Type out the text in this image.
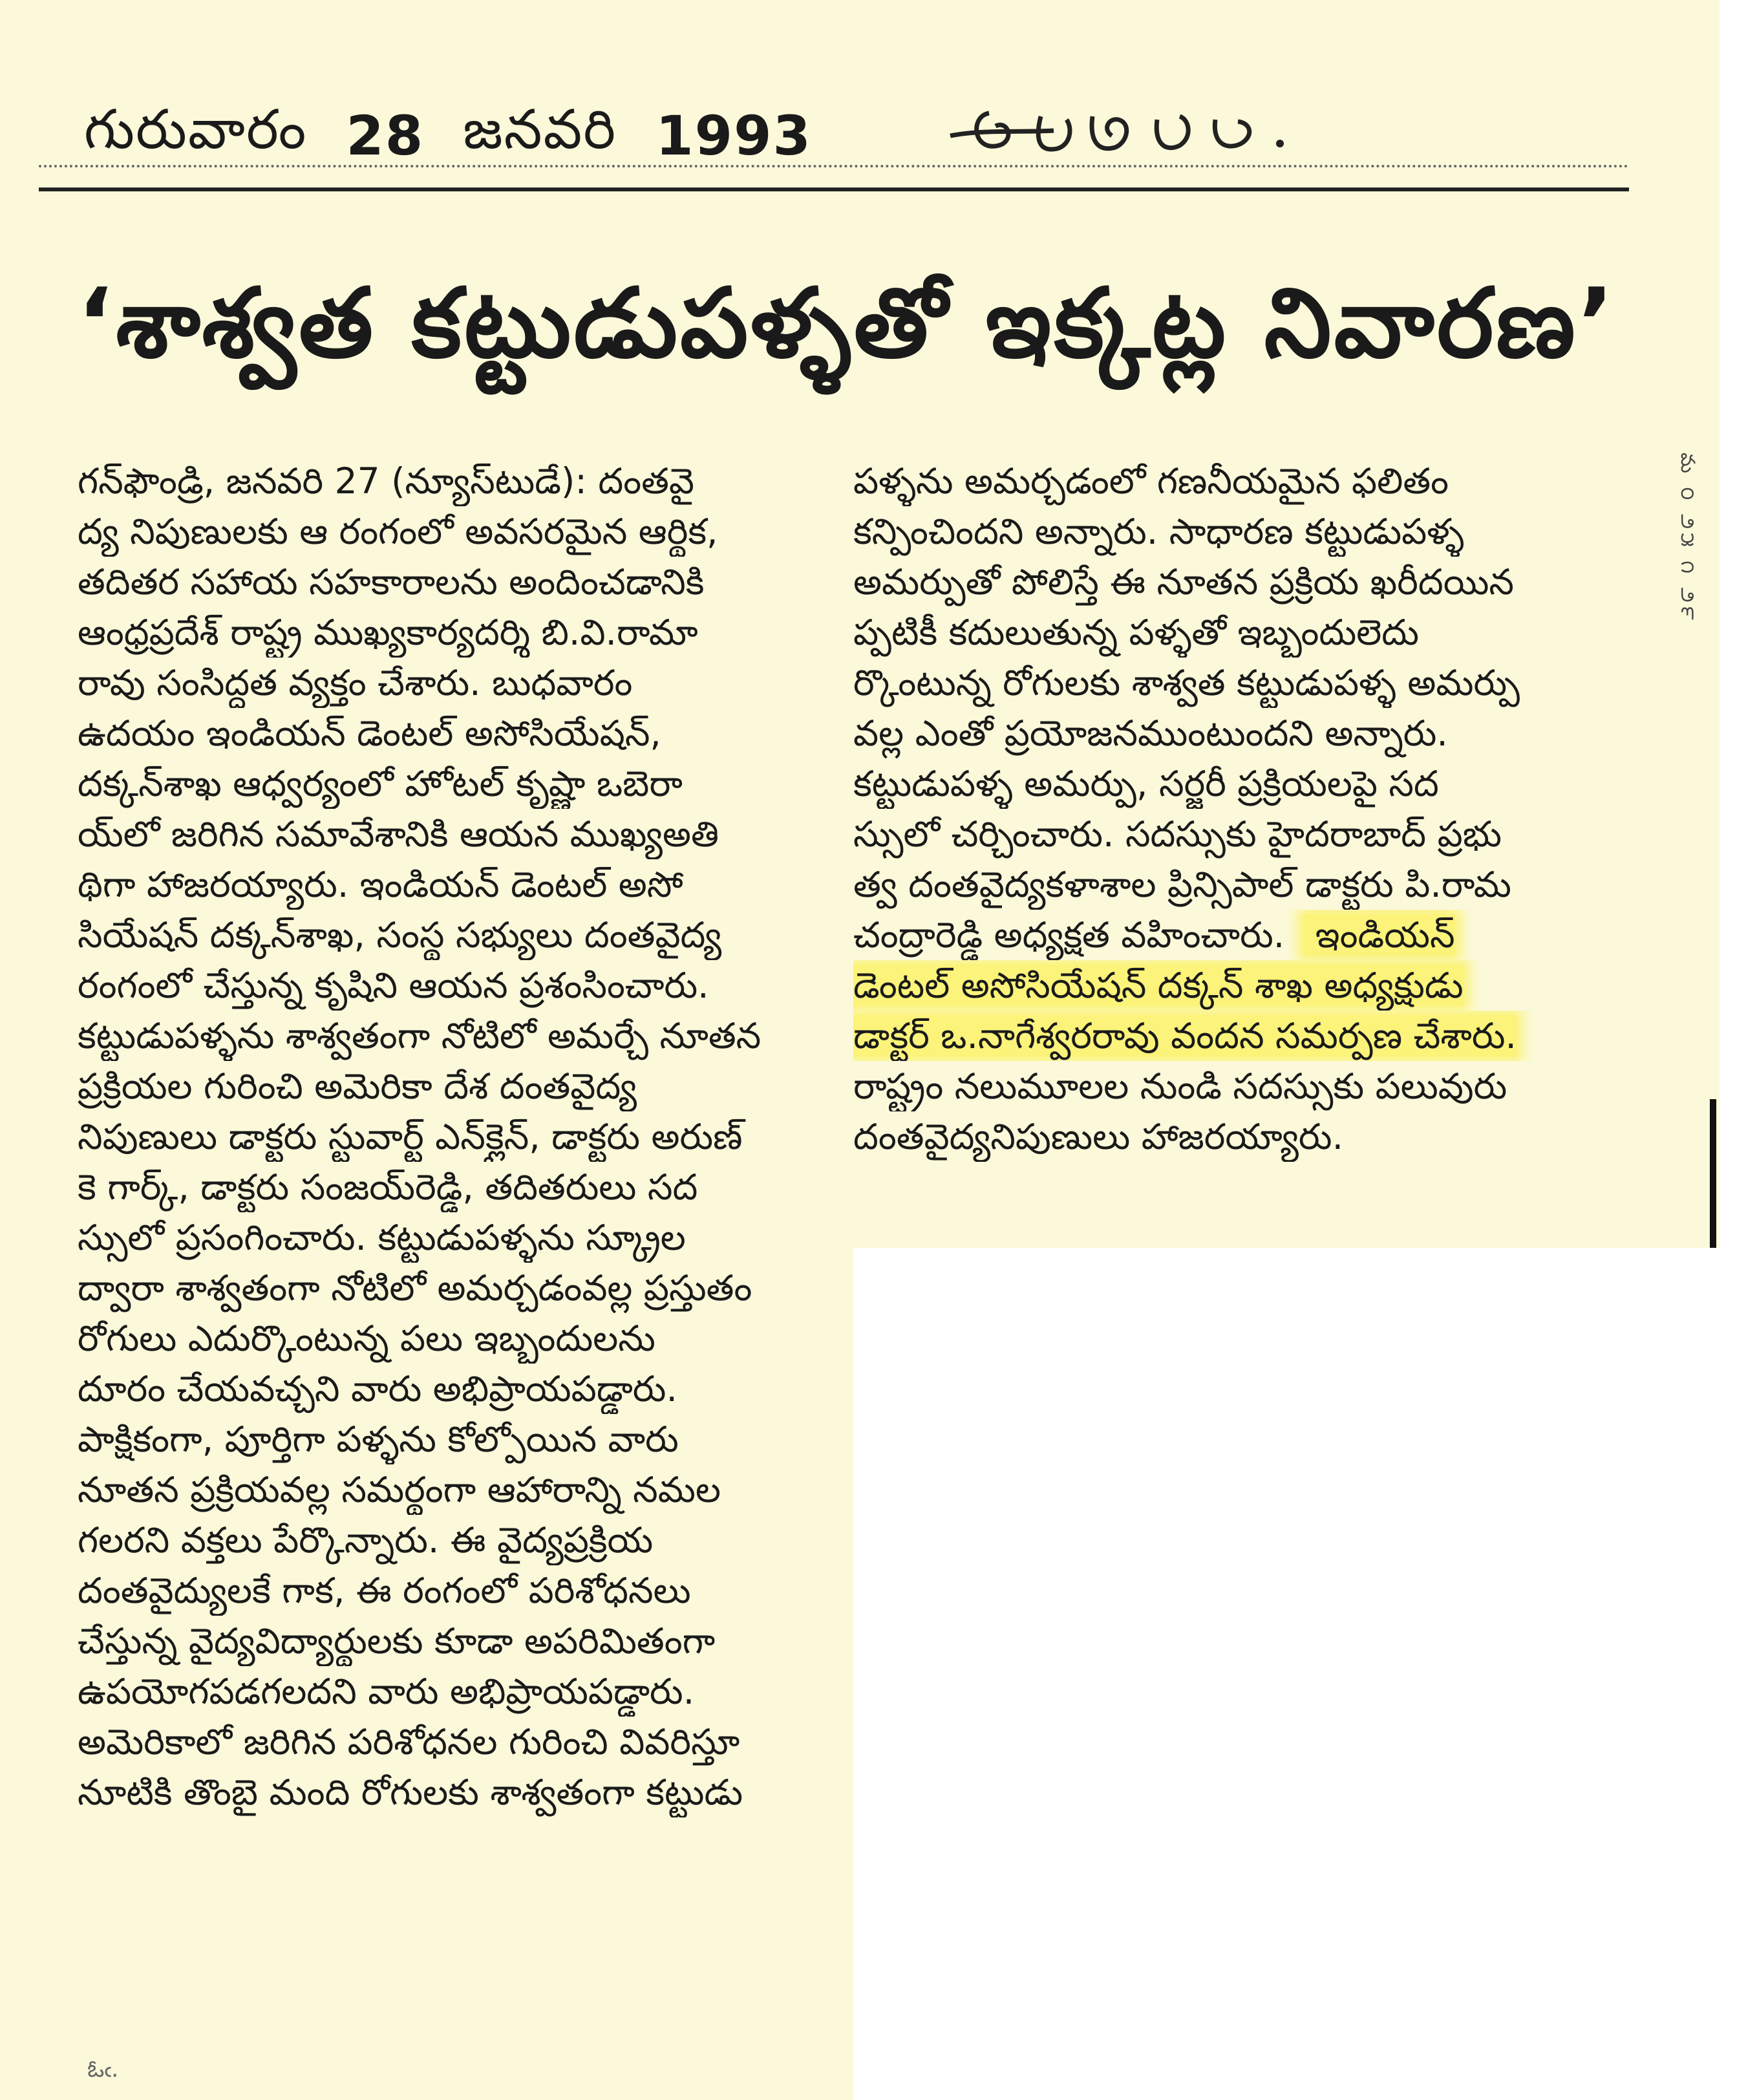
గురువారం 28 జనవరి 1993
‘శాశ్వత కట్టుడుపళ్ళతో ఇక్కట్ల నివారణ’
గన్‌ఫౌండ్రి, జనవరి 27 (న్యూస్‌టుడే): దంతవై
ద్య నిపుణులకు ఆ రంగంలో అవసరమైన ఆర్థిక,
తదితర సహాయ సహకారాలను అందించడానికి
ఆంధ్రప్రదేశ్ రాష్ట్ర ముఖ్యకార్యదర్శి బి.వి.రామా
రావు సంసిద్ధత వ్యక్తం చేశారు. బుధవారం
ఉదయం ఇండియన్ డెంటల్ అసోసియేషన్,
దక్కన్‌శాఖ ఆధ్వర్యంలో హోటల్ కృష్ణా ఒబెరా
య్‌లో జరిగిన సమావేశానికి ఆయన ముఖ్యఅతి
థిగా హాజరయ్యారు. ఇండియన్ డెంటల్ అసో
సియేషన్ దక్కన్‌శాఖ, సంస్థ సభ్యులు దంతవైద్య
రంగంలో చేస్తున్న కృషిని ఆయన ప్రశంసించారు.
కట్టుడుపళ్ళను శాశ్వతంగా నోటిలో అమర్చే నూతన
ప్రక్రియల గురించి అమెరికా దేశ దంతవైద్య
నిపుణులు డాక్టరు స్టువార్ట్ ఎన్‌క్లైన్, డాక్టరు అరుణ్
కె గార్క్, డాక్టరు సంజయ్‌రెడ్డి, తదితరులు సద
స్సులో ప్రసంగించారు. కట్టుడుపళ్ళను స్క్రూల
ద్వారా శాశ్వతంగా నోటిలో అమర్చడంవల్ల ప్రస్తుతం
రోగులు ఎదుర్కొంటున్న పలు ఇబ్బందులను
దూరం చేయవచ్చని వారు అభిప్రాయపడ్డారు.
పాక్షికంగా, పూర్తిగా పళ్ళను కోల్పోయిన వారు
నూతన ప్రక్రియవల్ల సమర్థంగా ఆహారాన్ని నమల
గలరని వక్తలు పేర్కొన్నారు. ఈ వైద్యప్రక్రియ
దంతవైద్యులకే గాక, ఈ రంగంలో పరిశోధనలు
చేస్తున్న వైద్యవిద్యార్థులకు కూడా అపరిమితంగా
ఉపయోగపడగలదని వారు అభిప్రాయపడ్డారు.
అమెరికాలో జరిగిన పరిశోధనల గురించి వివరిస్తూ
నూటికి తొంబై మంది రోగులకు శాశ్వతంగా కట్టుడు
పళ్ళను అమర్చడంలో గణనీయమైన ఫలితం
కన్పించిందని అన్నారు. సాధారణ కట్టుడుపళ్ళ
అమర్పుతో పోలిస్తే ఈ నూతన ప్రక్రియ ఖరీదయిన
ప్పటికీ కదులుతున్న పళ్ళతో ఇబ్బందులెదు
ర్కొంటున్న రోగులకు శాశ్వత కట్టుడుపళ్ళ అమర్పు
వల్ల ఎంతో ప్రయోజనముంటుందని అన్నారు.
కట్టుడుపళ్ళ అమర్పు, సర్జరీ ప్రక్రియలపై సద
స్సులో చర్చించారు. సదస్సుకు హైదరాబాద్ ప్రభు
త్వ దంతవైద్యకళాశాల ప్రిన్సిపాల్ డాక్టరు పి.రామ
చంద్రారెడ్డి అధ్యక్షత వహించారు. ఇండియన్
డెంటల్ అసోసియేషన్ దక్కన్ శాఖ అధ్యక్షుడు
డాక్టర్ ఒ.నాగేశ్వరరావు వందన సమర్పణ చేశారు.
రాష్ట్రం నలుమూలల నుండి సదస్సుకు పలువురు
దంతవైద్యనిపుణులు హాజరయ్యారు.
మ ౦ ౨౫ ౧ ౨౯
ఓఁ.
